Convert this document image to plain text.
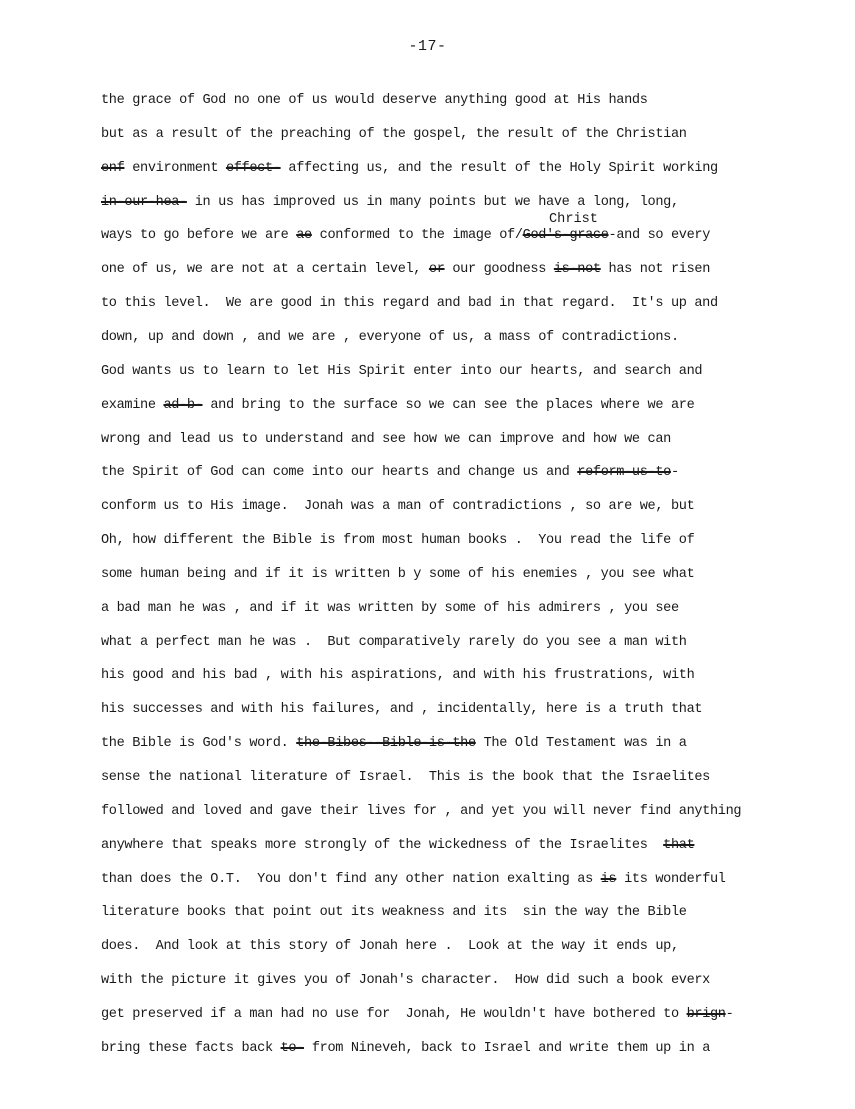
-17-
Christ
the grace of God no one of us would deserve anything good at His hands
but as a result of the preaching of the gospel, the result of the Christian
enf environment effect- affecting us, and the result of the Holy Spirit working
in-our-hea- in us has improved us in many points but we have a long, long,
ways to go before we are ae conformed to the image of/God's-grace-and so every
one of us, we are not at a certain level, or our goodness is-not has not risen
to this level.  We are good in this regard and bad in that regard.  It's up and
down, up and down , and we are , everyone of us, a mass of contradictions.
God wants us to learn to let His Spirit enter into our hearts, and search and
examine ad-b- and bring to the surface so we can see the places where we are
wrong and lead us to understand and see how we can improve and how we can
the Spirit of God can come into our hearts and change us and reform-us-to-
conform us to His image.  Jonah was a man of contradictions , so are we, but
Oh, how different the Bible is from most human books .  You read the life of
some human being and if it is written b y some of his enemies , you see what
a bad man he was , and if it was written by some of his admirers , you see
what a perfect man he was .  But comparatively rarely do you see a man with
his good and his bad , with his aspirations, and with his frustrations, with
his successes and with his failures, and , incidentally, here is a truth that
the Bible is God's word. the-Bibes--Bible-is-the The Old Testament was in a
sense the national literature of Israel.  This is the book that the Israelites
followed and loved and gave their lives for , and yet you will never find anything
anywhere that speaks more strongly of the wickedness of the Israelites  that
than does the O.T.  You don't find any other nation exalting as is its wonderful
literature books that point out its weakness and its  sin the way the Bible
does.  And look at this story of Jonah here .  Look at the way it ends up,
with the picture it gives you of Jonah's character.  How did such a book everx
get preserved if a man had no use for  Jonah, He wouldn't have bothered to brign-
bring these facts back to- from Nineveh, back to Israel and write them up in a
